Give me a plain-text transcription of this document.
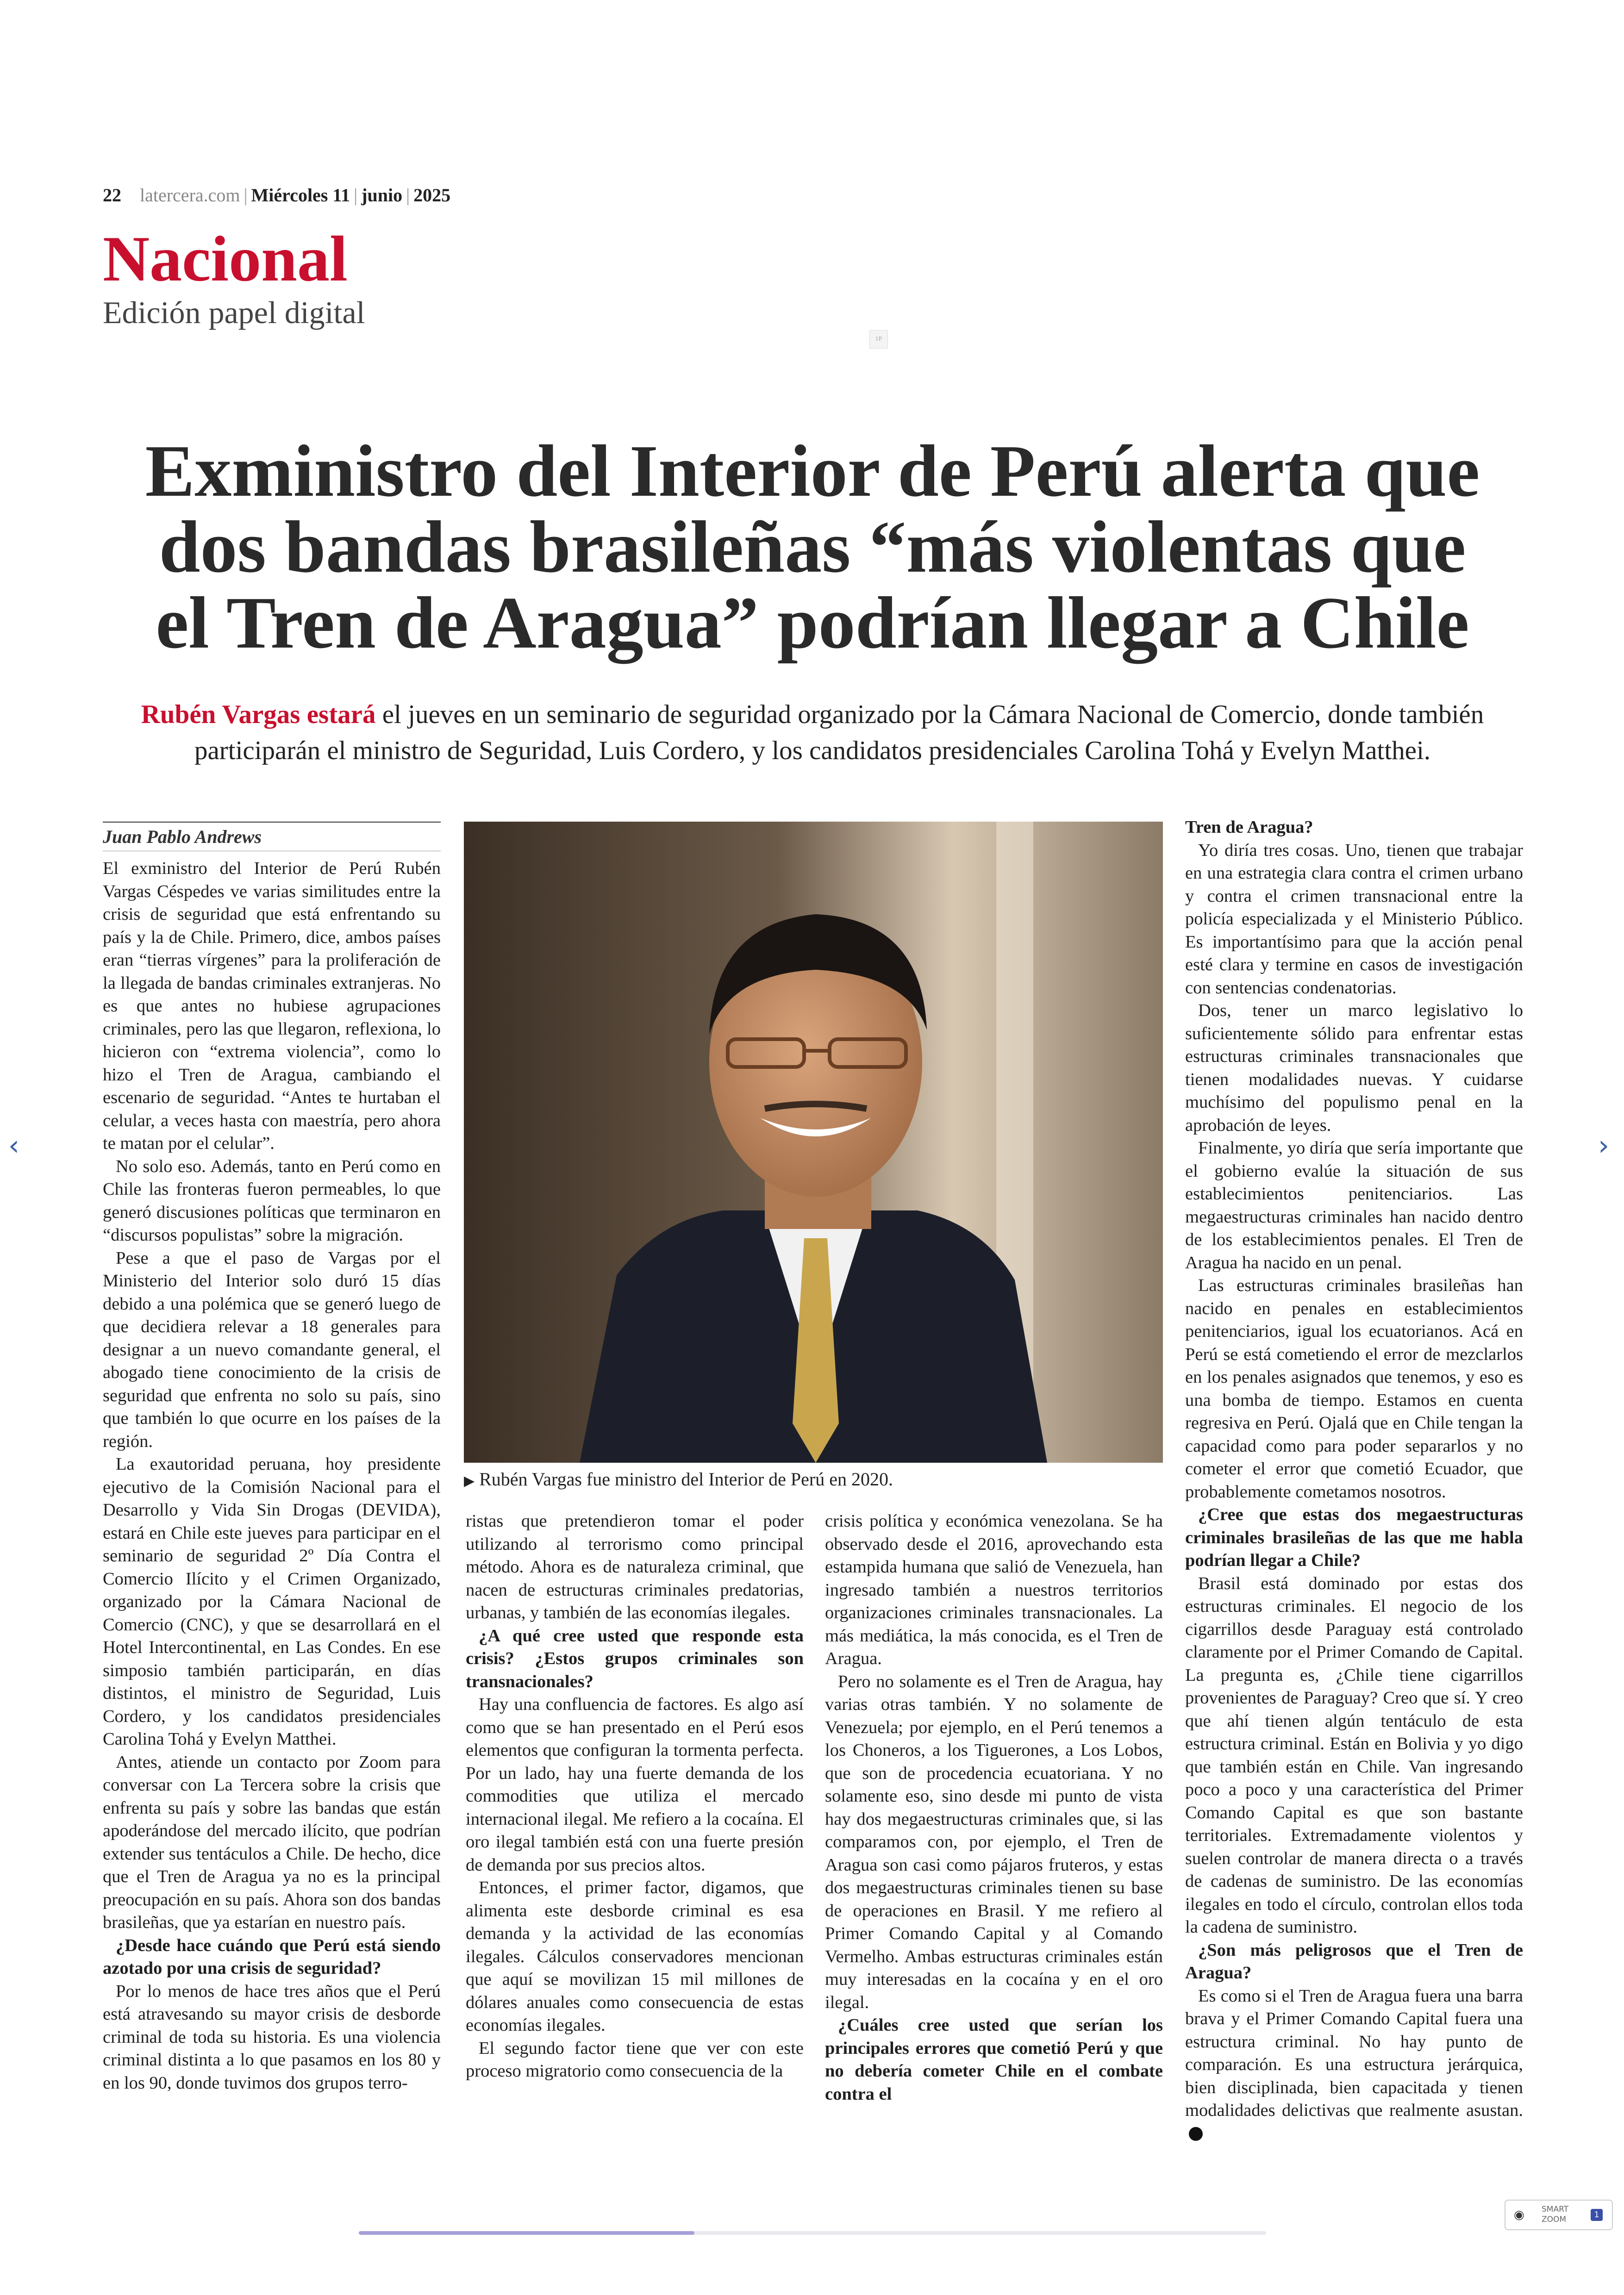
22 latercera.com | Miércoles 11 | junio | 2025
Nacional
Edición papel digital
1P
Exministro del Interior de Perú alerta que
dos bandas brasileñas “más violentas que
el Tren de Aragua” podrían llegar a Chile
Rubén Vargas estará el jueves en un seminario de seguridad organizado por la Cámara Nacional de Comercio, donde también participarán el ministro de Seguridad, Luis Cordero, y los candidatos presidenciales Carolina Tohá y Evelyn Matthei.
Juan Pablo Andrews

El exministro del Interior de Perú Rubén Vargas Céspedes ve varias similitudes entre la crisis de seguridad que está enfrentando su país y la de Chile. Primero, dice, ambos países eran “tierras vírgenes” para la proliferación de la llegada de bandas criminales extranjeras. No es que antes no hubiese agrupaciones criminales, pero las que llegaron, reflexiona, lo hicieron con “extrema violencia”, como lo hizo el Tren de Aragua, cambiando el escenario de seguridad. “Antes te hurtaban el celular, a veces hasta con maestría, pero ahora te matan por el celular”.

No solo eso. Además, tanto en Perú como en Chile las fronteras fueron permeables, lo que generó discusiones políticas que terminaron en “discursos populistas” sobre la migración.

Pese a que el paso de Vargas por el Ministerio del Interior solo duró 15 días debido a una polémica que se generó luego de que decidiera relevar a 18 generales para designar a un nuevo comandante general, el abogado tiene conocimiento de la crisis de seguridad que enfrenta no solo su país, sino que también lo que ocurre en los países de la región.

La exautoridad peruana, hoy presidente ejecutivo de la Comisión Nacional para el Desarrollo y Vida Sin Drogas (DEVIDA), estará en Chile este jueves para participar en el seminario de seguridad 2º Día Contra el Comercio Ilícito y el Crimen Organizado, organizado por la Cámara Nacional de Comercio (CNC), y que se desarrollará en el Hotel Intercontinental, en Las Condes. En ese simposio también participarán, en días distintos, el ministro de Seguridad, Luis Cordero, y los candidatos presidenciales Carolina Tohá y Evelyn Matthei.

Antes, atiende un contacto por Zoom para conversar con La Tercera sobre la crisis que enfrenta su país y sobre las bandas que están apoderándose del mercado ilícito, que podrían extender sus tentáculos a Chile. De hecho, dice que el Tren de Aragua ya no es la principal preocupación en su país. Ahora son dos bandas brasileñas, que ya estarían en nuestro país.

¿Desde hace cuándo que Perú está siendo azotado por una crisis de seguridad?

Por lo menos de hace tres años que el Perú está atravesando su mayor crisis de desborde criminal de toda su historia. Es una violencia criminal distinta a lo que pasamos en los 80 y en los 90, donde tuvimos dos grupos terro-

▶ Rubén Vargas fue ministro del Interior de Perú en 2020.

ristas que pretendieron tomar el poder utilizando al terrorismo como principal método. Ahora es de naturaleza criminal, que nacen de estructuras criminales predatorias, urbanas, y también de las economías ilegales.

¿A qué cree usted que responde esta crisis? ¿Estos grupos criminales son transnacionales?

Hay una confluencia de factores. Es algo así como que se han presentado en el Perú esos elementos que configuran la tormenta perfecta. Por un lado, hay una fuerte demanda de los commodities que utiliza el mercado internacional ilegal. Me refiero a la cocaína. El oro ilegal también está con una fuerte presión de demanda por sus precios altos.

Entonces, el primer factor, digamos, que alimenta este desborde criminal es esa demanda y la actividad de las economías ilegales. Cálculos conservadores mencionan que aquí se movilizan 15 mil millones de dólares anuales como consecuencia de estas economías ilegales.

El segundo factor tiene que ver con este proceso migratorio como consecuencia de la

crisis política y económica venezolana. Se ha observado desde el 2016, aprovechando esta estampida humana que salió de Venezuela, han ingresado también a nuestros territorios organizaciones criminales transnacionales. La más mediática, la más conocida, es el Tren de Aragua.

Pero no solamente es el Tren de Aragua, hay varias otras también. Y no solamente de Venezuela; por ejemplo, en el Perú tenemos a los Choneros, a los Tiguerones, a Los Lobos, que son de procedencia ecuatoriana. Y no solamente eso, sino desde mi punto de vista hay dos megaestructuras criminales que, si las comparamos con, por ejemplo, el Tren de Aragua son casi como pájaros fruteros, y estas dos megaestructuras criminales tienen su base de operaciones en Brasil. Y me refiero al Primer Comando Capital y al Comando Vermelho. Ambas estructuras criminales están muy interesadas en la cocaína y en el oro ilegal.

¿Cuáles cree usted que serían los principales errores que cometió Perú y que no debería cometer Chile en el combate contra el

Tren de Aragua?

Yo diría tres cosas. Uno, tienen que trabajar en una estrategia clara contra el crimen urbano y contra el crimen transnacional entre la policía especializada y el Ministerio Público. Es importantísimo para que la acción penal esté clara y termine en casos de investigación con sentencias condenatorias.

Dos, tener un marco legislativo lo suficientemente sólido para enfrentar estas estructuras criminales transnacionales que tienen modalidades nuevas. Y cuidarse muchísimo del populismo penal en la aprobación de leyes.

Finalmente, yo diría que sería importante que el gobierno evalúe la situación de sus establecimientos penitenciarios. Las megaestructuras criminales han nacido dentro de los establecimientos penales. El Tren de Aragua ha nacido en un penal.

Las estructuras criminales brasileñas han nacido en penales en establecimientos penitenciarios, igual los ecuatorianos. Acá en Perú se está cometiendo el error de mezclarlos en los penales asignados que tenemos, y eso es una bomba de tiempo. Estamos en cuenta regresiva en Perú. Ojalá que en Chile tengan la capacidad como para poder separarlos y no cometer el error que cometió Ecuador, que probablemente cometamos nosotros.

¿Cree que estas dos megaestructuras criminales brasileñas de las que me habla podrían llegar a Chile?

Brasil está dominado por estas dos estructuras criminales. El negocio de los cigarrillos desde Paraguay está controlado claramente por el Primer Comando de Capital. La pregunta es, ¿Chile tiene cigarrillos provenientes de Paraguay? Creo que sí. Y creo que ahí tienen algún tentáculo de esta estructura criminal. Están en Bolivia y yo digo que también están en Chile. Van ingresando poco a poco y una característica del Primer Comando Capital es que son bastante territoriales. Extremadamente violentos y suelen controlar de manera directa o a través de cadenas de suministro. De las economías ilegales en todo el círculo, controlan ellos toda la cadena de suministro.

¿Son más peligrosos que el Tren de Aragua?

Es como si el Tren de Aragua fuera una barra brava y el Primer Comando Capital fuera una estructura criminal. No hay punto de comparación. Es una estructura jerárquica, bien disciplinada, bien capacitada y tienen modalidades delictivas que realmente asustan.

‹	›
◉ SMART ZOOM	1
